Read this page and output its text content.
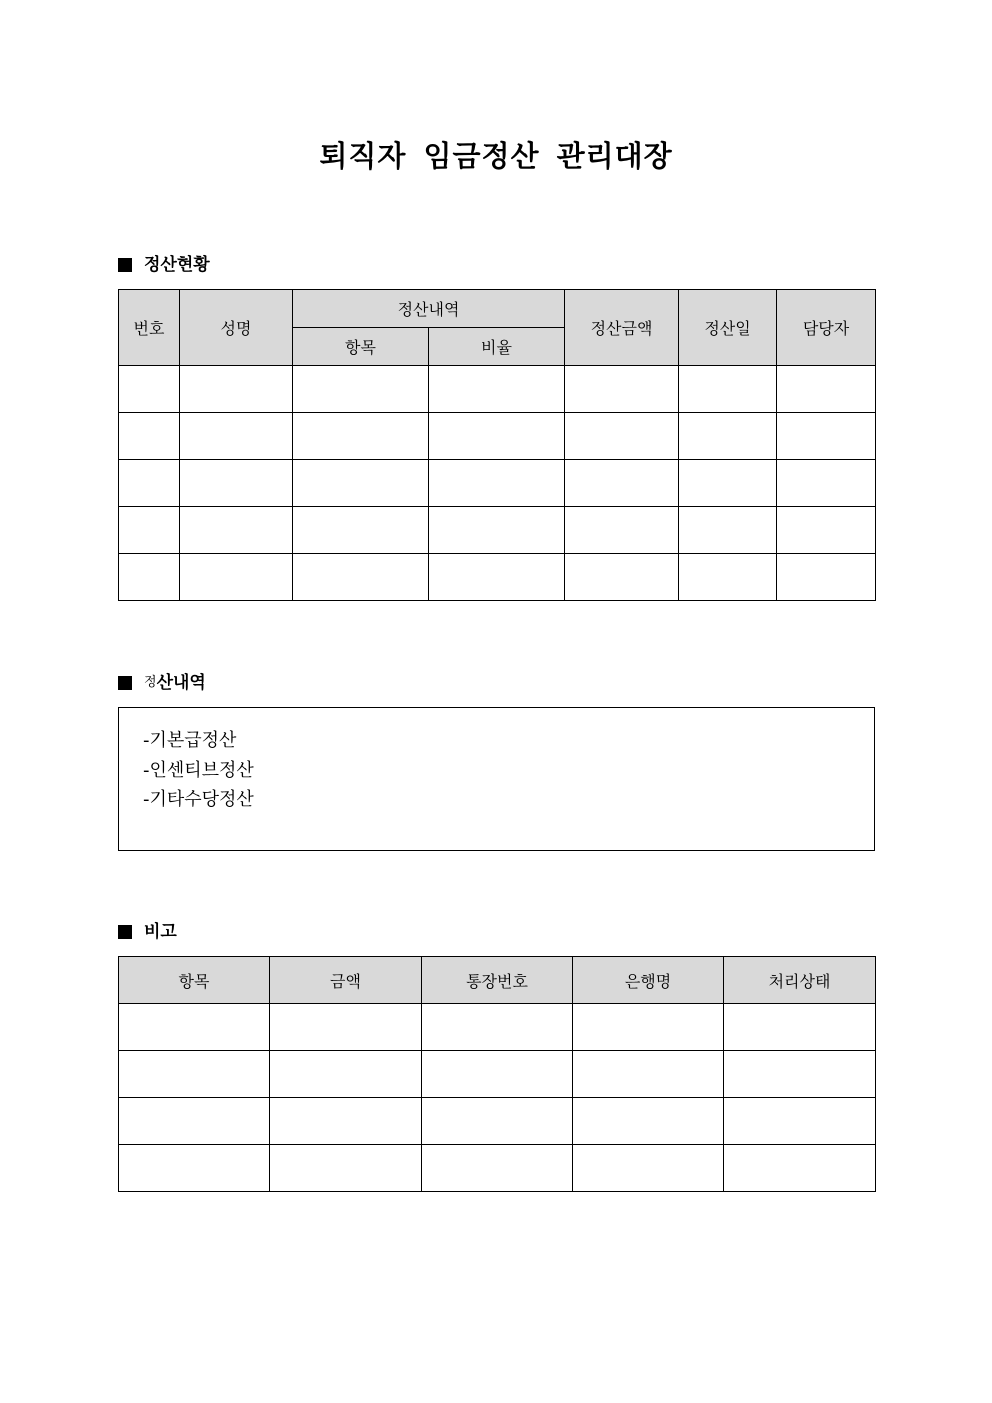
퇴직자 임금정산 관리대장
정산현황
번호	성명	정산내역		정산금액	정산일	담당자
		항목	비율			

정 산내역
-기본급정산
-인센티브정산
-기타수당정산
비고
항목	금액	통장번호	은행명	처리상태
